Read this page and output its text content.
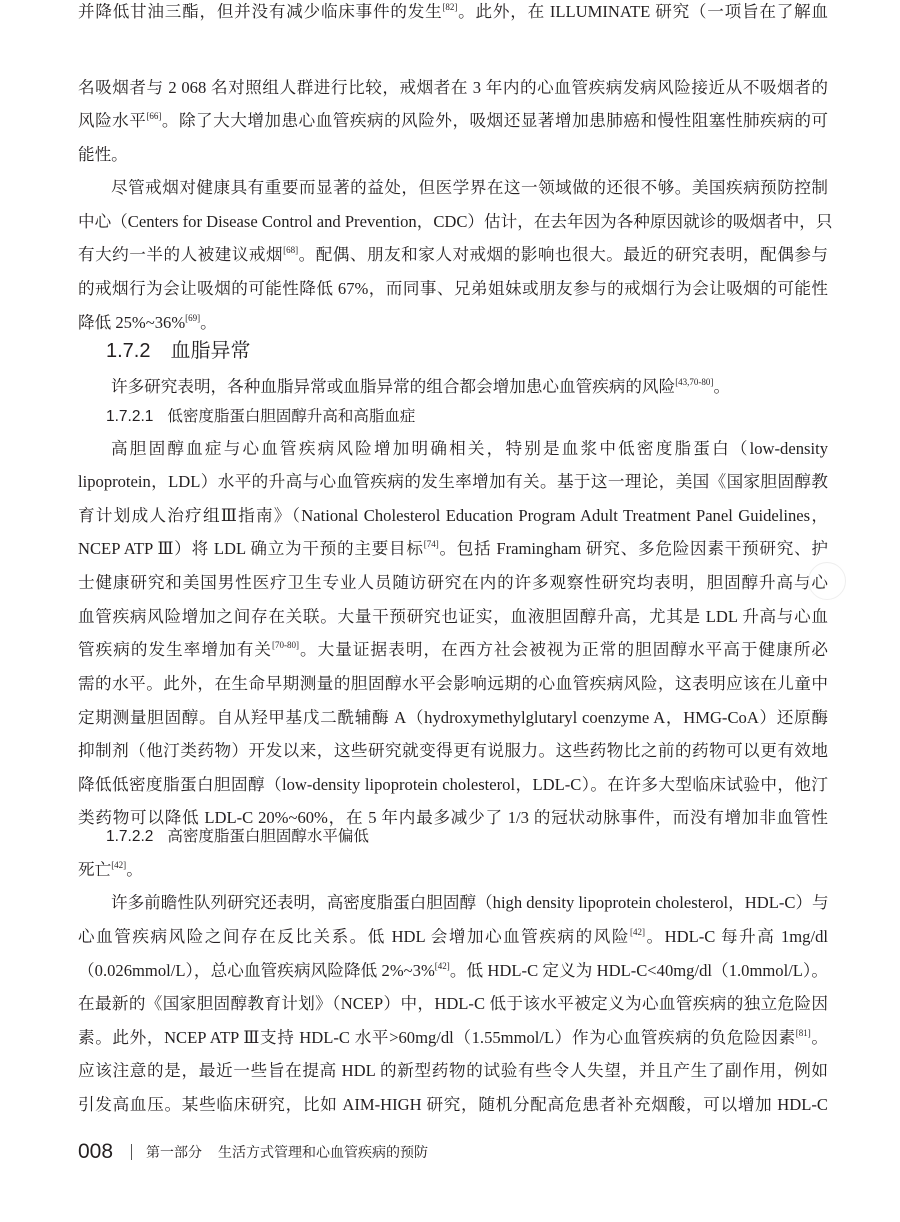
名吸烟者与 2 068 名对照组人群进行比较，戒烟者在 3 年内的心血管疾病发病风险接近从不吸烟者的
风险水平[66]。除了大大增加患心血管疾病的风险外，吸烟还显著增加患肺癌和慢性阻塞性肺疾病的可
能性。
尽管戒烟对健康具有重要而显著的益处，但医学界在这一领域做的还很不够。美国疾病预防控制
中心（Centers for Disease Control and Prevention，CDC）估计，在去年因为各种原因就诊的吸烟者中，只
有大约一半的人被建议戒烟[68]。配偶、朋友和家人对戒烟的影响也很大。最近的研究表明，配偶参与
的戒烟行为会让吸烟的可能性降低 67%，而同事、兄弟姐妹或朋友参与的戒烟行为会让吸烟的可能性
降低 25%~36%[69]。
1.7.2 血脂异常
许多研究表明，各种血脂异常或血脂异常的组合都会增加患心血管疾病的风险[43,70-80]。
1.7.2.1 低密度脂蛋白胆固醇升高和高脂血症
高胆固醇血症与心血管疾病风险增加明确相关，特别是血浆中低密度脂蛋白（low-density
lipoprotein，LDL）水平的升高与心血管疾病的发生率增加有关。基于这一理论，美国《国家胆固醇教
育计划成人治疗组Ⅲ指南》（National Cholesterol Education Program Adult Treatment Panel Guidelines，
NCEP ATP Ⅲ）将 LDL 确立为干预的主要目标[74]。包括 Framingham 研究、多危险因素干预研究、护
士健康研究和美国男性医疗卫生专业人员随访研究在内的许多观察性研究均表明，胆固醇升高与心
血管疾病风险增加之间存在关联。大量干预研究也证实，血液胆固醇升高，尤其是 LDL 升高与心血
管疾病的发生率增加有关[70-80]。大量证据表明，在西方社会被视为正常的胆固醇水平高于健康所必
需的水平。此外，在生命早期测量的胆固醇水平会影响远期的心血管疾病风险，这表明应该在儿童中
定期测量胆固醇。自从羟甲基戊二酰辅酶 A（hydroxymethylglutaryl coenzyme A，HMG-CoA）还原酶
抑制剂（他汀类药物）开发以来，这些研究就变得更有说服力。这些药物比之前的药物可以更有效地
降低低密度脂蛋白胆固醇（low-density lipoprotein cholesterol，LDL-C）。在许多大型临床试验中，他汀
类药物可以降低 LDL-C 20%~60%，在 5 年内最多减少了 1/3 的冠状动脉事件，而没有增加非血管性
死亡[42]。
1.7.2.2 高密度脂蛋白胆固醇水平偏低
许多前瞻性队列研究还表明，高密度脂蛋白胆固醇（high density lipoprotein cholesterol，HDL-C）与
心血管疾病风险之间存在反比关系。低 HDL 会增加心血管疾病的风险[42]。HDL-C 每升高 1mg/dl
（0.026mmol/L），总心血管疾病风险降低 2%~3%[42]。低 HDL-C 定义为 HDL-C<40mg/dl（1.0mmol/L）。
在最新的《国家胆固醇教育计划》（NCEP）中，HDL-C 低于该水平被定义为心血管疾病的独立危险因
素。此外，NCEP ATP Ⅲ支持 HDL-C 水平>60mg/dl（1.55mmol/L）作为心血管疾病的负危险因素[81]。
应该注意的是，最近一些旨在提高 HDL 的新型药物的试验有些令人失望，并且产生了副作用，例如
引发高血压。某些临床研究，比如 AIM-HIGH 研究，随机分配高危患者补充烟酸，可以增加 HDL-C
并降低甘油三酯，但并没有减少临床事件的发生[82]。此外，在 ILLUMINATE 研究（一项旨在了解血
008 第一部分 生活方式管理和心血管疾病的预防
